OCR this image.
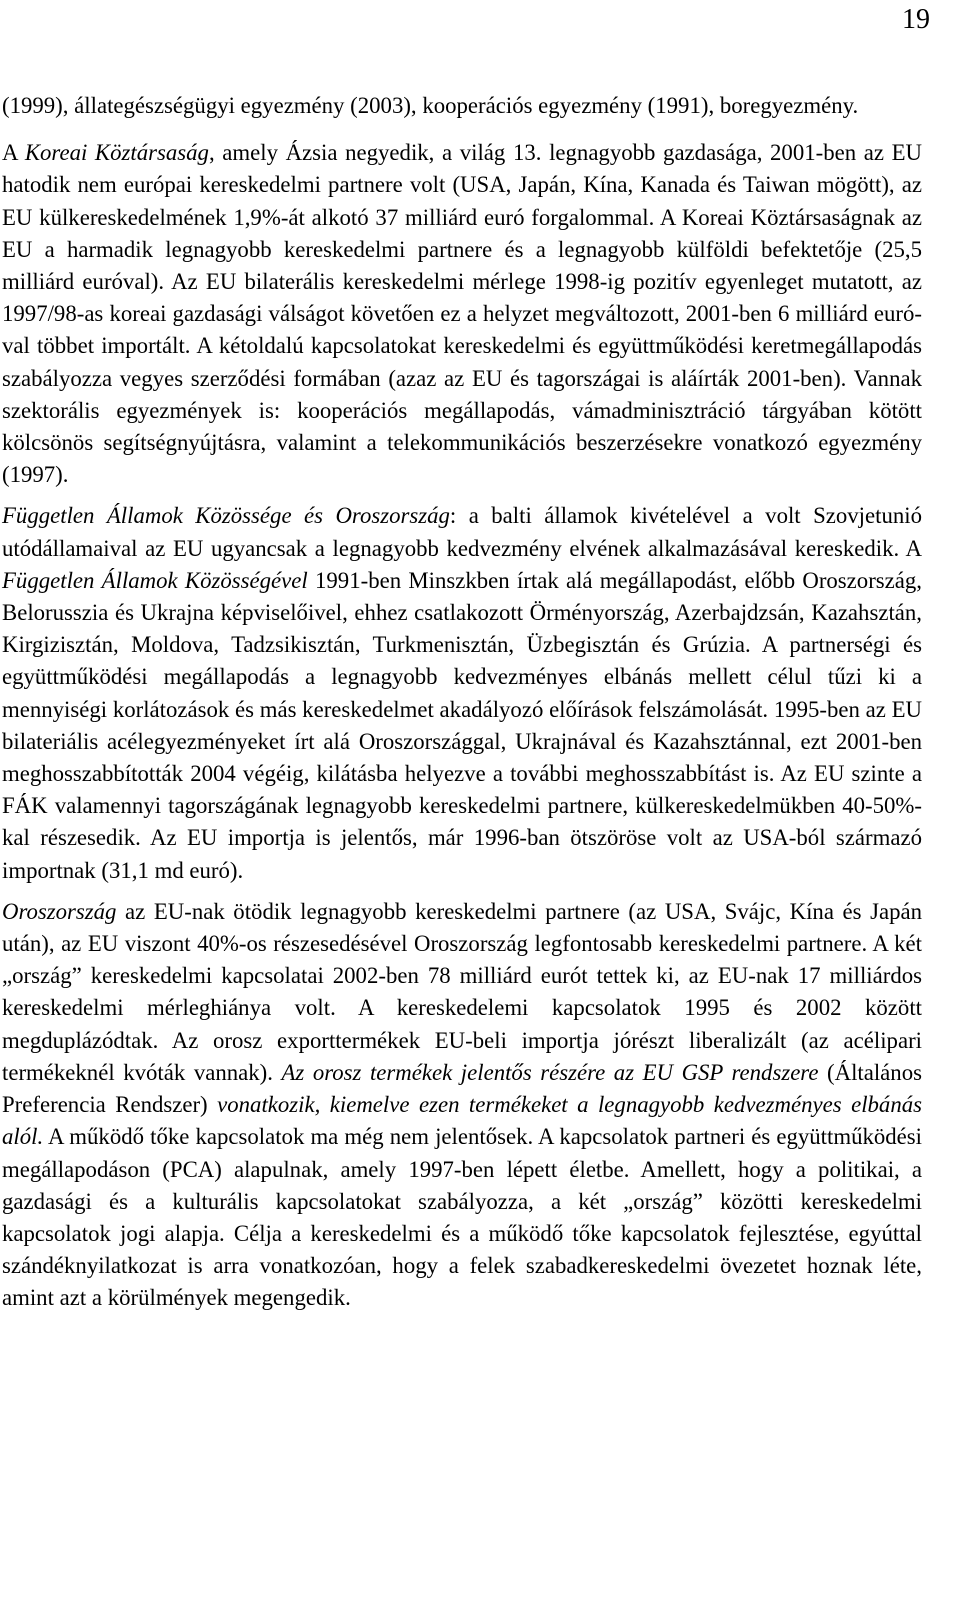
19

(1999), állategészségügyi egyezmény (2003), kooperációs egyezmény (1991), boregyezmény.

A Koreai Köztársaság, amely Ázsia negyedik, a világ 13. legnagyobb gazdasága, 2001-ben az EU hatodik nem európai kereskedelmi partnere volt (USA, Japán, Kína, Kanada és Taiwan mögött), az EU külkereskedelmének 1,9%-át alkotó 37 milliárd euró forgalommal. A Koreai Köztársaságnak az EU a harmadik legnagyobb kereskedelmi partnere és a legnagyobb külföldi befektetője (25,5 milliárd euróval). Az EU bilaterális kereskedelmi mérlege 1998-ig pozitív egyenleget mutatott, az 1997/98-as koreai gazdasági válságot követően ez a helyzet megváltozott, 2001-ben 6 milliárd euró-val többet importált. A kétoldalú kapcsolatokat kereskedelmi és együttműködési keretmegállapodás szabályozza vegyes szerződési formában (azaz az EU és tagországai is aláírták 2001-ben). Vannak szektorális egyezmények is: kooperációs megállapodás, vámadminisztráció tárgyában kötött kölcsönös segítségnyújtásra, valamint a telekommunikációs beszerzésekre vonatkozó egyezmény (1997).

Független Államok Közössége és Oroszország: a balti államok kivételével a volt Szovjetunió utódállamaival az EU ugyancsak a legnagyobb kedvezmény elvének alkalmazásával kereskedik. A Független Államok Közösségével 1991-ben Minszkben írtak alá megállapodást, előbb Oroszország, Belorusszia és Ukrajna képviselőivel, ehhez csatlakozott Örményország, Azerbajdzsán, Kazahsztán, Kirgizisztán, Moldova, Tadzsikisztán, Turkmenisztán, Üzbegisztán és Grúzia. A partnerségi és együttműködési megállapodás a legnagyobb kedvezményes elbánás mellett célul tűzi ki a mennyiségi korlátozások és más kereskedelmet akadályozó előírások felszámolását. 1995-ben az EU bilateriális acélegyezményeket írt alá Oroszországgal, Ukrajnával és Kazahsztánnal, ezt 2001-ben meghosszabbították 2004 végéig, kilátásba helyezve a további meghosszabbítást is. Az EU szinte a FÁK valamennyi tagországának legnagyobb kereskedelmi partnere, külkereskedelmükben 40-50%-kal részesedik. Az EU importja is jelentős, már 1996-ban ötszöröse volt az USA-ból származó importnak (31,1 md euró).

Oroszország az EU-nak ötödik legnagyobb kereskedelmi partnere (az USA, Svájc, Kína és Japán után), az EU viszont 40%-os részesedésével Oroszország legfontosabb kereskedelmi partnere. A két „ország” kereskedelmi kapcsolatai 2002-ben 78 milliárd eurót tettek ki, az EU-nak 17 milliárdos kereskedelmi mérleghiánya volt. A kereskedelemi kapcsolatok 1995 és 2002 között megduplázódtak. Az orosz exporttermékek EU-beli importja jórészt liberalizált (az acélipari termékeknél kvóták vannak). Az orosz termékek jelentős részére az EU GSP rendszere (Általános Preferencia Rendszer) vonatkozik, kiemelve ezen termékeket a legnagyobb kedvezményes elbánás alól. A működő tőke kapcsolatok ma még nem jelentősek. A kapcsolatok partneri és együttműködési megállapodáson (PCA) alapulnak, amely 1997-ben lépett életbe. Amellett, hogy a politikai, a gazdasági és a kulturális kapcsolatokat szabályozza, a két „ország” közötti kereskedelmi kapcsolatok jogi alapja. Célja a kereskedelmi és a működő tőke kapcsolatok fejlesztése, egyúttal szándéknyilatkozat is arra vonatkozóan, hogy a felek szabadkereskedelmi övezetet hoznak léte, amint azt a körülmények megengedik.
